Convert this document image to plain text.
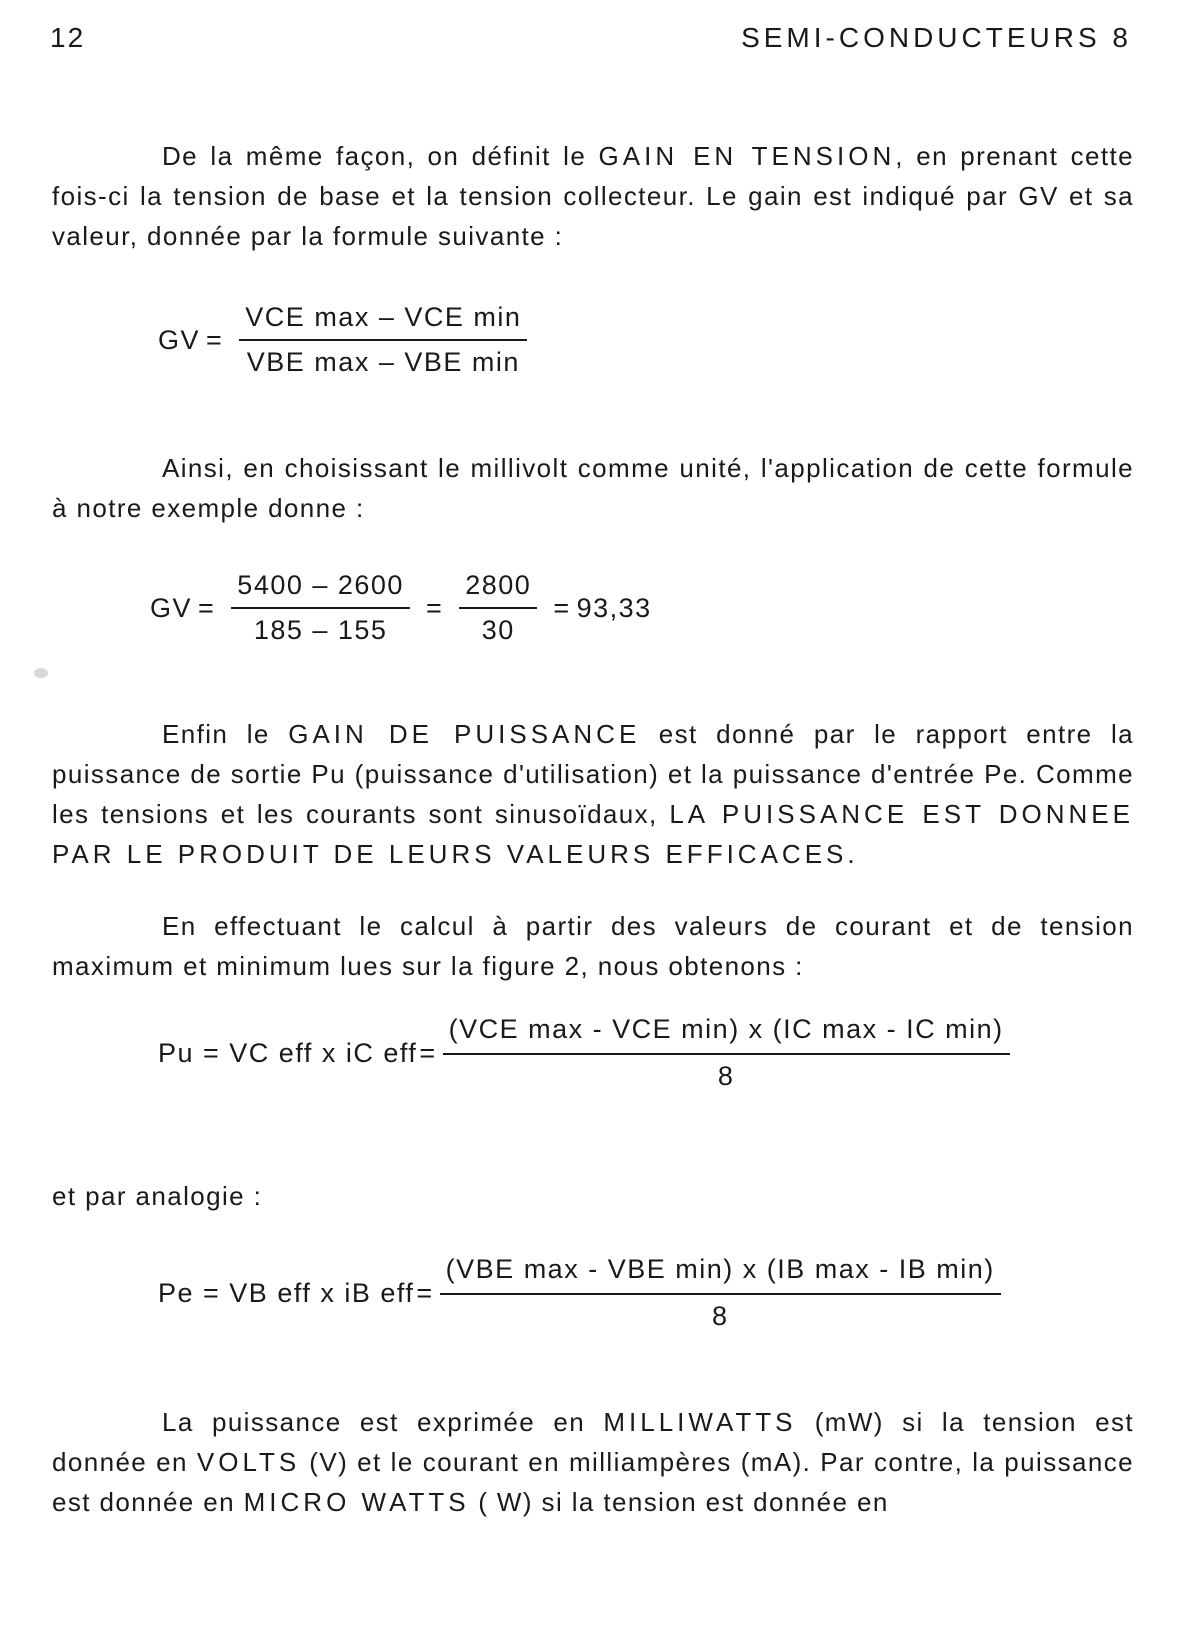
12	SEMI-CONDUCTEURS 8

De la même façon, on définit le GAIN EN TENSION, en prenant cette fois-ci la tension de base et la tension collecteur. Le gain est indiqué par GV et sa valeur, donnée par la formule suivante :

GV = $\frac{\text{VCE max – VCE min}}{\text{VBE max – VBE min}}$

Ainsi, en choisissant le millivolt comme unité, l'application de cette formule à notre exemple donne :

GV = $\frac{5400 - 2600}{185 - 155} = \frac{2800}{30} = 93,33$

Enfin le GAIN DE PUISSANCE est donné par le rapport entre la puissance de sortie Pu (puissance d'utilisation) et la puissance d'entrée Pe. Comme les tensions et les courants sont sinusoïdaux, LA PUISSANCE EST DONNEE PAR LE PRODUIT DE LEURS VALEURS EFFICACES.

En effectuant le calcul à partir des valeurs de courant et de tension maximum et minimum lues sur la figure 2, nous obtenons :

Pu = VC eff x iC eff = $\frac{\text{(VCE max - VCE min) x (IC max - IC min)}}{8}$

et par analogie :

Pe = VB eff x iB eff = $\frac{\text{(VBE max - VBE min) x (IB max - IB min)}}{8}$

La puissance est exprimée en MILLIWATTS (mW) si la tension est donnée en VOLTS (V) et le courant en milliampères (mA). Par contre, la puissance est donnée en MICRO WATTS ( W) si la tension est donnée en
